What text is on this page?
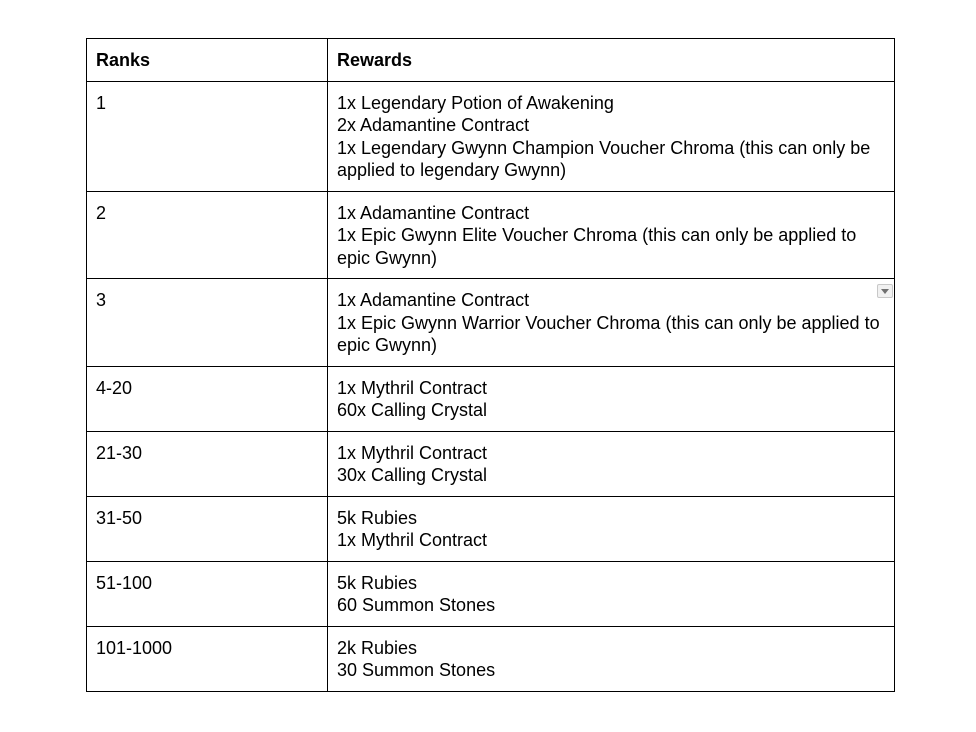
Ranks	Rewards
1	1x Legendary Potion of Awakening
2x Adamantine Contract
1x Legendary Gwynn Champion Voucher Chroma (this can only be applied to legendary Gwynn)

2	1x Adamantine Contract
1x Epic Gwynn Elite Voucher Chroma (this can only be applied to epic Gwynn)

3	1x Adamantine Contract
1x Epic Gwynn Warrior Voucher Chroma (this can only be applied to epic Gwynn)

4-20	1x Mythril Contract
60x Calling Crystal

21-30	1x Mythril Contract
30x Calling Crystal

31-50	5k Rubies
1x Mythril Contract

51-100	5k Rubies
60 Summon Stones

101-1000	2k Rubies
30 Summon Stones
